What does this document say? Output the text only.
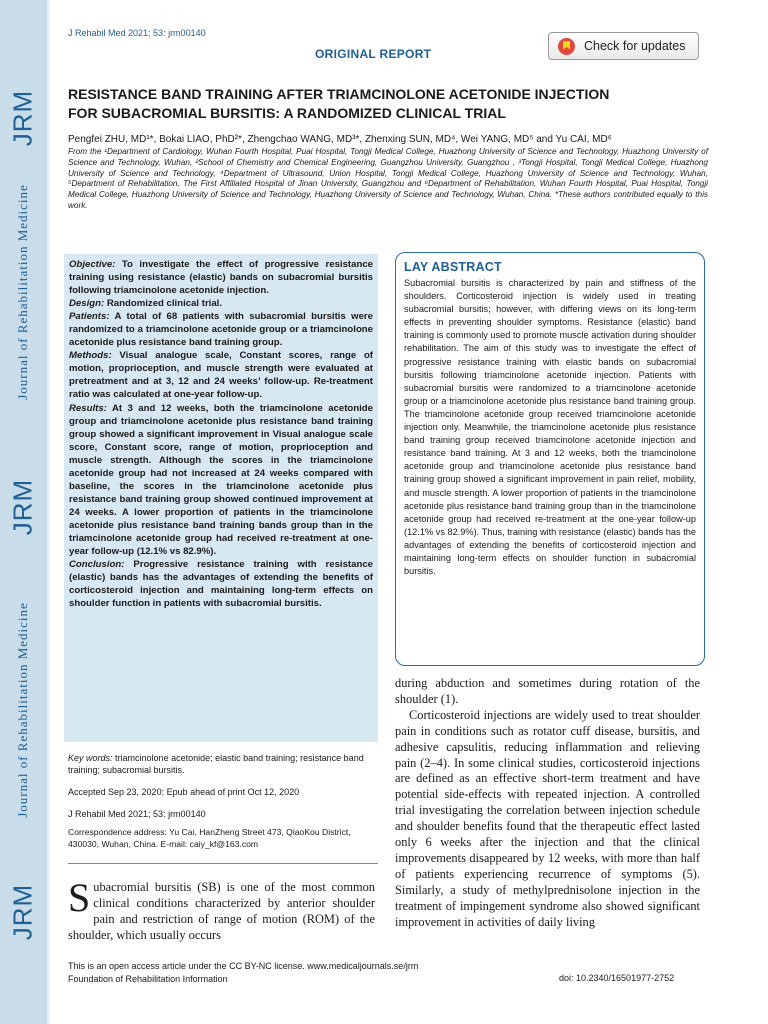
JRM
Journal of Rehabilitation Medicine
JRM
Journal of Rehabilitation Medicine
JRM
J Rehabil Med 2021; 53: jrm00140
ORIGINAL REPORT
Check for updates
RESISTANCE BAND TRAINING AFTER TRIAMCINOLONE ACETONIDE INJECTION
FOR SUBACROMIAL BURSITIS: A RANDOMIZED CLINICAL TRIAL
Pengfei ZHU, MD¹*, Bokai LIAO, PhD²*, Zhengchao WANG, MD³*, Zhenxing SUN, MD⁴, Wei YANG, MD⁵ and Yu CAI, MD⁶
From the ¹Department of Cardiology, Wuhan Fourth Hospital, Puai Hospital, Tongji Medical College, Huazhong University of Science and Technology, Huazhong University of Science and Technology, Wuhan, ²School of Chemistry and Chemical Engineering, Guangzhou University, Guangzhou , ³Tongji Hospital, Tongji Medical College, Huazhong University of Science and Technology, ⁴Department of Ultrasound, Union Hospital, Tongji Medical College, Huazhong University of Science and Technology, Wuhan, ⁵Department of Rehabilitation, The First Affiliated Hospital of Jinan University, Guangzhou and ⁶Department of Rehabilitation, Wuhan Fourth Hospital, Puai Hospital, Tongji Medical College, Huazhong University of Science and Technology, Huazhong University of Science and Technology, Wuhan, China. *These authors contributed equally to this work.

Objective: To investigate the effect of progressive resistance training using resistance (elastic) bands on subacromial bursitis following triamcinolone acetonide injection.

Design: Randomized clinical trial.

Patients: A total of 68 patients with subacromial bursitis were randomized to a triamcinolone acetonide group or a triamcinolone acetonide plus resistance band training group.

Methods: Visual analogue scale, Constant scores, range of motion, proprioception, and muscle strength were evaluated at pretreatment and at 3, 12 and 24 weeks’ follow-up. Re-treatment ratio was calculated at one-year follow-up.

Results: At 3 and 12 weeks, both the triamcinolone acetonide group and triamcinolone acetonide plus resistance band training group showed a significant improvement in Visual analogue scale score, Constant score, range of motion, proprioception and muscle strength. Although the scores in the triamcinolone acetonide group had not increased at 24 weeks compared with baseline, the scores in the triamcinolone acetonide plus resistance band training group showed continued improvement at 24 weeks. A lower proportion of patients in the triamcinolone acetonide plus resistance band training bands group than in the triamcinolone acetonide group had received re-treatment at one-year follow-up (12.1% vs 82.9%).

Conclusion: Progressive resistance training with resistance (elastic) bands has the advantages of extending the benefits of corticosteroid injection and maintaining long-term effects on shoulder function in patients with subacromial bursitis.

Key words: triamcinolone acetonide; elastic band training; resistance band training; subacromial bursitis.
Accepted Sep 23, 2020; Epub ahead of print Oct 12, 2020
J Rehabil Med 2021; 53: jrm00140
Correspondence address: Yu Cai, HanZheng Street 473, QiaoKou District, 430030, Wuhan, China. E-mail: caiy_kf@163.com
Subacromial bursitis (SB) is one of the most common clinical conditions characterized by anterior shoulder pain and restriction of range of motion (ROM) of the shoulder, which usually occurs
LAY ABSTRACT
Subacromial bursitis is characterized by pain and stiffness of the shoulders. Corticosteroid injection is widely used in treating subacromial bursitis; however, with differing views on its long-term effects in preventing shoulder symptoms. Resistance (elastic) band training is commonly used to promote muscle activation during shoulder rehabilitation. The aim of this study was to investigate the effect of progressive resistance training with elastic bands on subacromial bursitis following triamcinolone acetonide injection. Patients with subacromial bursitis were randomized to a triamcinolone acetonide group or a triamcinolone acetonide plus resistance band training group. The triamcinolone acetonide group received triamcinolone acetonide injection only. Meanwhile, the triamcinolone acetonide plus resistance band training group received triamcinolone acetonide injection and resistance band training. At 3 and 12 weeks, both the triamcinolone acetonide group and triamcinolone acetonide plus resistance band training group showed a significant improvement in pain relief, mobility, and muscle strength. A lower proportion of patients in the triamcinolone acetonide plus resistance band training group than in the triamcinolone acetonide group had received re-treatment at the one-year follow-up (12.1% vs 82.9%). Thus, training with resistance (elastic) bands has the advantages of extending the benefits of corticosteroid injection and maintaining long-term effects on shoulder function in subacromial bursitis.

during abduction and sometimes during rotation of the shoulder (1).

Corticosteroid injections are widely used to treat shoulder pain in conditions such as rotator cuff disease, bursitis, and adhesive capsulitis, reducing inflammation and relieving pain (2–4). In some clinical studies, corticosteroid injections are defined as an effective short-term treatment and have potential side-effects with repeated injection. A controlled trial investigating the correlation between injection schedule and shoulder benefits found that the therapeutic effect lasted only 6 weeks after the injection and that the clinical improvements disappeared by 12 weeks, with more than half of patients experiencing recurrence of symptoms (5). Similarly, a study of methylprednisolone injection in the treatment of impingement syndrome also showed significant improvement in activities of daily living

This is an open access article under the CC BY-NC license. www.medicaljournals.se/jrm
Foundation of Rehabilitation Information	doi: 10.2340/16501977-2752
